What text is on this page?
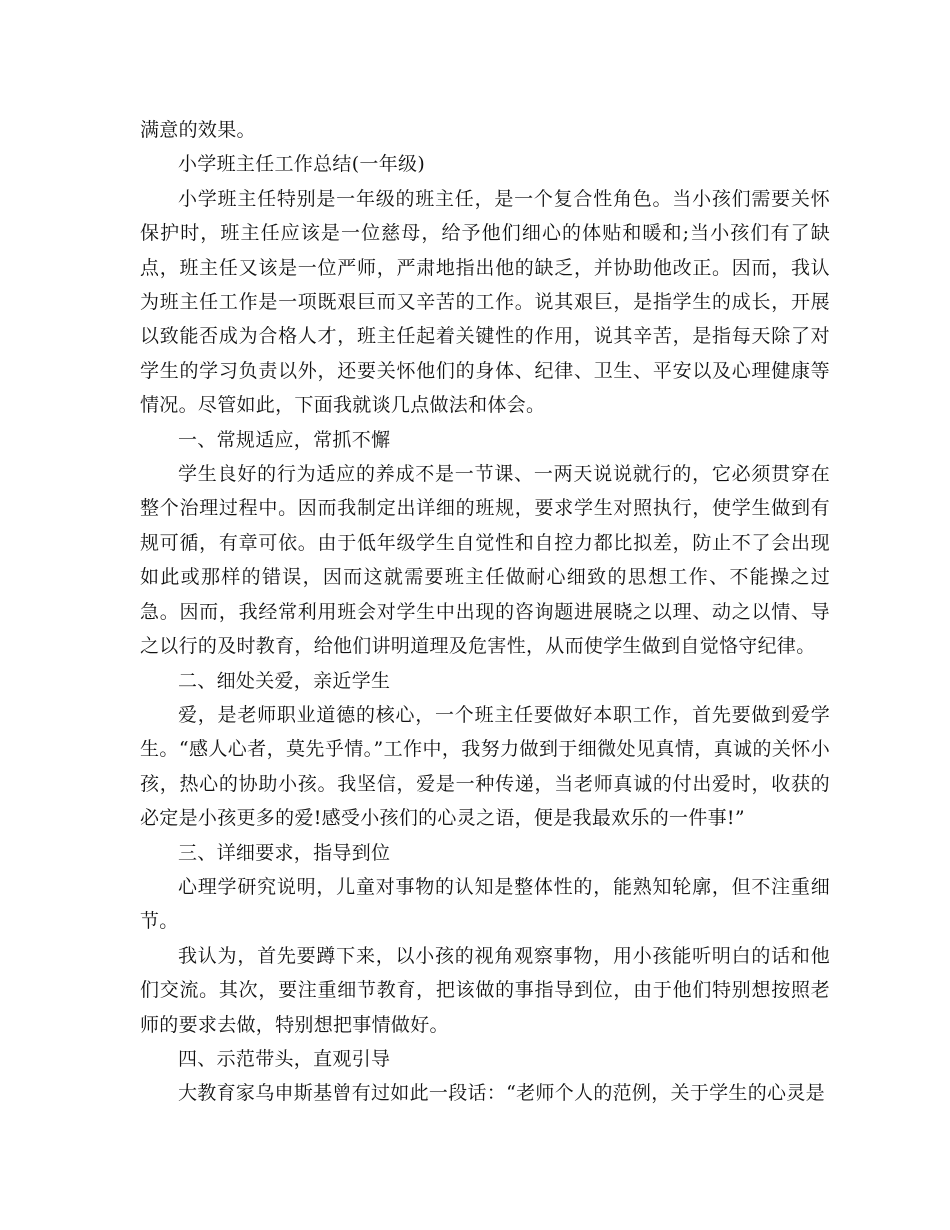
满意的效果。

小学班主任工作总结(一年级)

小学班主任特别是一年级的班主任，是一个复合性角色。当小孩们需要关怀保护时，班主任应该是一位慈母，给予他们细心的体贴和暖和;当小孩们有了缺点，班主任又该是一位严师，严肃地指出他的缺乏，并协助他改正。因而，我认为班主任工作是一项既艰巨而又辛苦的工作。说其艰巨，是指学生的成长，开展以致能否成为合格人才，班主任起着关键性的作用，说其辛苦，是指每天除了对学生的学习负责以外，还要关怀他们的身体、纪律、卫生、平安以及心理健康等情况。尽管如此，下面我就谈几点做法和体会。

一、常规适应，常抓不懈

学生良好的行为适应的养成不是一节课、一两天说说就行的，它必须贯穿在整个治理过程中。因而我制定出详细的班规，要求学生对照执行，使学生做到有规可循，有章可依。由于低年级学生自觉性和自控力都比拟差，防止不了会出现如此或那样的错误，因而这就需要班主任做耐心细致的思想工作、不能操之过急。因而，我经常利用班会对学生中出现的咨询题进展晓之以理、动之以情、导之以行的及时教育，给他们讲明道理及危害性，从而使学生做到自觉恪守纪律。

二、细处关爱，亲近学生

爱，是老师职业道德的核心，一个班主任要做好本职工作，首先要做到爱学生。“感人心者，莫先乎情。”工作中，我努力做到于细微处见真情，真诚的关怀小孩，热心的协助小孩。我坚信，爱是一种传递，当老师真诚的付出爱时，收获的必定是小孩更多的爱!感受小孩们的心灵之语，便是我最欢乐的一件事!”

三、详细要求，指导到位

心理学研究说明，儿童对事物的认知是整体性的，能熟知轮廓，但不注重细节。

我认为，首先要蹲下来，以小孩的视角观察事物，用小孩能听明白的话和他们交流。其次，要注重细节教育，把该做的事指导到位，由于他们特别想按照老师的要求去做，特别想把事情做好。

四、示范带头，直观引导

大教育家乌申斯基曾有过如此一段话：“老师个人的范例，关于学生的心灵是
